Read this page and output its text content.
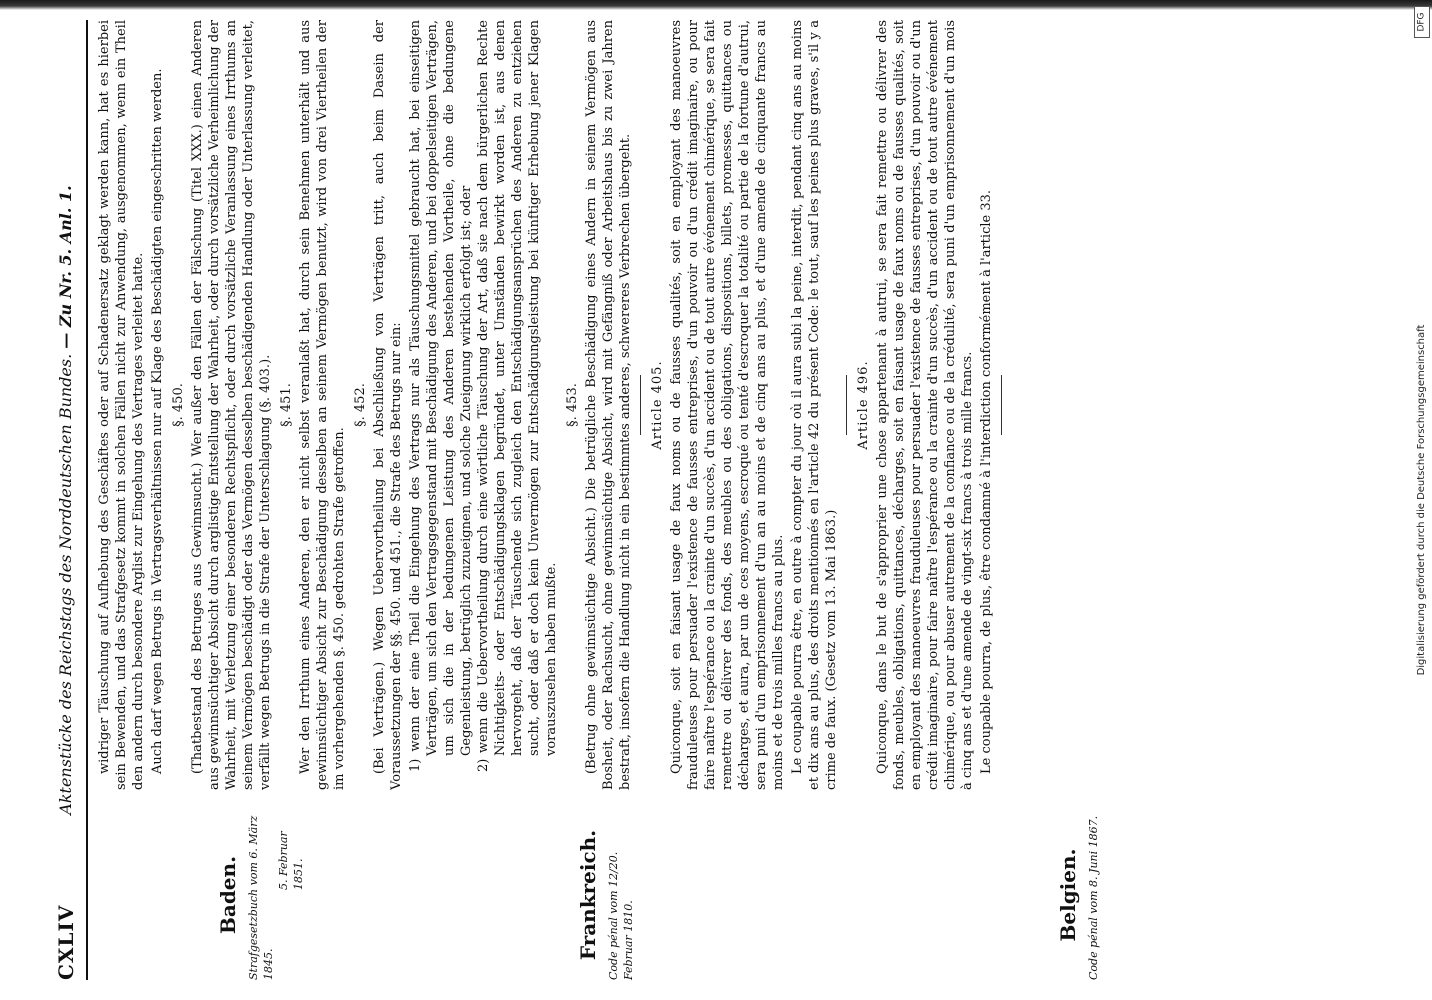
DFG
Digitalisierung gefördert durch die Deutsche Forschungsgemeinschaft
CXLIV
Aktenstücke des Reichstags des Norddeutschen Bundes. — Zu Nr. 5. Anl. 1.
Baden. Strafgesetzbuch vom 6. März 1845.
5. Februar 1851.	Frankreich. Code pénal vom 12/20. Februar 1810.	Belgien. Code pénal vom 8. Juni 1867.

widriger Täuschung auf Aufhebung des Geschäftes oder auf Schadenersatz geklagt werden kann, hat es hierbei sein Bewenden, und das Strafgesetz kommt in solchen Fällen nicht zur Anwendung, ausgenommen, wenn ein Theil den andern durch besondere Arglist zur Eingehung des Vertrages verleitet hatte. Auch darf wegen Betrugs in Vertragsverhältnissen nur auf Klage des Beschädigten eingeschritten werden. §. 450. (Thatbestand des Betruges aus Gewinnsucht.) Wer außer den Fällen der Fälschung (Titel XXX.) einen Anderen aus gewinnsüchtiger Absicht durch arglistige Entstellung der Wahrheit, oder durch vorsätzliche Verheimlichung der Wahrheit, mit Verletzung einer besonderen Rechtspflicht, oder durch vorsätzliche Veranlassung eines Irrthums an seinem Vermögen beschädigt oder das Vermögen desselben beschädigenden Handlung oder Unterlassung verleitet, verfällt wegen Betrugs in die Strafe der Unterschlagung (§. 403.). §. 451. Wer den Irrthum eines Anderen, den er nicht selbst veranlaßt hat, durch sein Benehmen unterhält und aus gewinnsüchtiger Absicht zur Beschädigung desselben an seinem Vermögen benutzt, wird von drei Viertheilen der im vorhergehenden §. 450. gedrohten Strafe getroffen.

§. 452. (Bei Verträgen.) Wegen Uebervortheilung bei Abschließung von Verträgen tritt, auch beim Dasein der Voraussetzungen der §§. 450. und 451., die Strafe des Betrugs nur ein: 1) wenn der eine Theil die Eingehung des Vertrags nur als Täuschungsmittel gebraucht hat, bei einseitigen Verträgen, um sich den Vertragsgegenstand mit Beschädigung des Anderen, und bei doppelseitigen Verträgen, um sich die in der bedungenen Leistung des Anderen bestehenden Vortheile, ohne die bedungene Gegenleistung, betrüglich zuzueignen, und solche Zueignung wirklich erfolgt ist; oder 2) wenn die Uebervortheilung durch eine wörtliche Täuschung der Art, daß sie nach dem bürgerlichen Rechte Nichtigkeits- oder Entschädigungsklagen begründet, unter Umständen bewirkt worden ist, aus denen hervorgeht, daß der Täuschende sich zugleich den Entschädigungsansprüchen des Anderen zu entziehen sucht, oder daß er doch kein Unvermögen zur Entschädigungsleistung bei künftiger Erhebung jener Klagen vorauszusehen haben mußte.
§. 453. (Betrug ohne gewinnsüchtige Absicht.) Die betrügliche Beschädigung eines Andern in seinem Vermögen aus Bosheit, oder Rachsucht, ohne gewinnsüchtige Absicht, wird mit Gefängniß oder Arbeitshaus bis zu zwei Jahren bestraft, insofern die Handlung nicht in ein bestimmtes anderes, schwereres Verbrechen übergeht. Article 405. Quiconque, soit en faisant usage de faux noms ou de fausses qualités, soit en employant des manoeuvres frauduleuses pour persuader l'existence de fausses entreprises, d'un pouvoir ou d'un crédit imaginaire, ou pour faire naître l'espérance ou la crainte d'un succès, d'un accident ou de tout autre événement chimérique, se sera fait remettre ou délivrer des fonds, des meubles ou des obligations, dispositions, billets, promesses, quittances ou décharges, et aura, par un de ces moyens, escroqué ou tenté d'escroquer la totalité ou partie de la fortune d'autrui, sera puni d'un emprisonnement d'un an au moins et de cinq ans au plus, et d'une amende de cinquante francs au moins et de trois milles francs au plus. Le coupable pourra être, en outre à compter du jour où il aura subi la peine, interdit, pendant cinq ans au moins et dix ans au plus, des droits mentionnés en l'article 42 du présent Code: le tout, sauf les peines plus graves, s'il y a crime de faux. (Gesetz vom 13. Mai 1863.)

Article 496. Quiconque, dans le but de s'approprier une chose appartenant à autrui, se sera fait remettre ou délivrer des fonds, meubles, obligations, quittances, décharges, soit en faisant usage de faux noms ou de fausses qualités, soit en employant des manoeuvres frauduleuses pour persuader l'existence de fausses entreprises, d'un pouvoir ou d'un crédit imaginaire, pour faire naître l'espérance ou la crainte d'un succès, d'un accident ou de tout autre événement chimérique, ou pour abuser autrement de la confiance ou de la crédulité, sera puni d'un emprisonnement d'un mois à cinq ans et d'une amende de vingt-six francs à trois mille francs. Le coupable pourra, de plus, être condamné à l'interdiction conformément à l'article 33.
